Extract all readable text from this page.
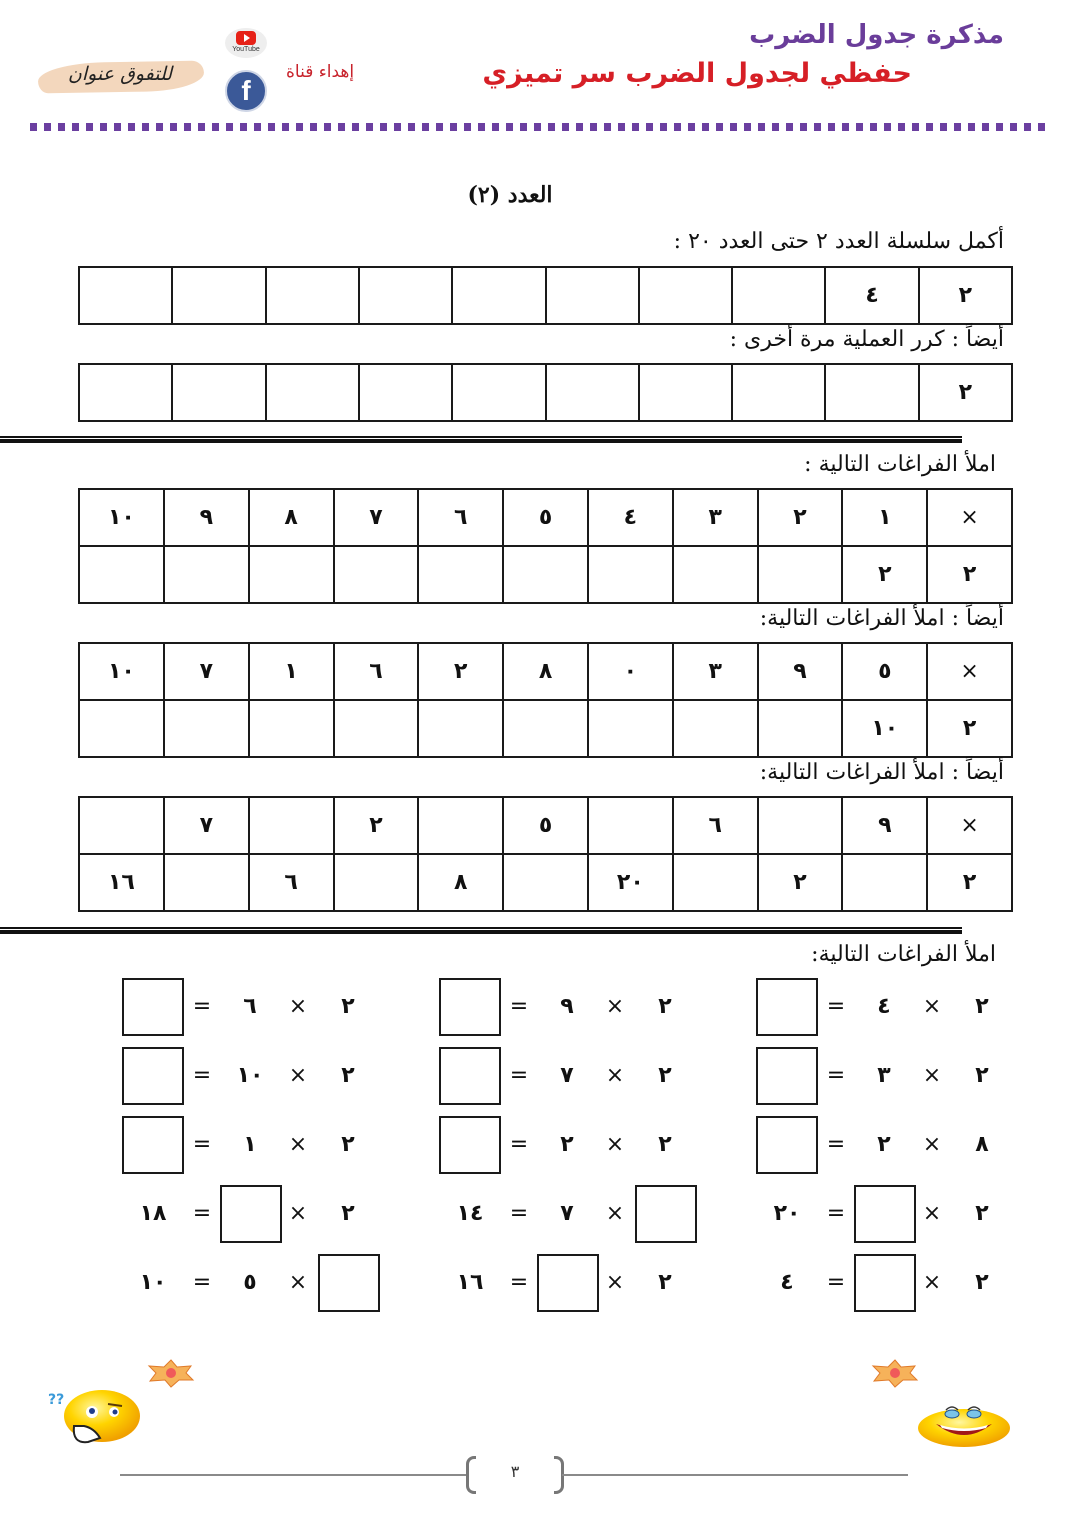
مذكرة جدول الضرب
حفظي لجدول الضرب سر تميزي
إهداء قناة
YouTube
f
للتفوق عنوان
العدد (٢)
أكمل سلسلة العدد ٢ حتى العدد ٢٠ :
٢	٤								
أيضاً : كرر العملية مرة أخرى :
٢									
املأ الفراغات التالية :
×	١	٢	٣	٤	٥	٦	٧	٨	٩	١٠
٢	٢									
أيضاً : املأ الفراغات التالية:
×	٥	٩	٣	٠	٨	٢	٦	١	٧	١٠
٢	١٠									
أيضاً : املأ الفراغات التالية:
×	٩		٦		٥		٢		٧	
٢		٢		٢٠		٨		٦		١٦
املأ الفراغات التالية:
=	٤	×	٢
=	٣	×	٢
=	٢	×	٨
٢٠	=	×	٢
٤	=	×	٢
=	٩	×	٢
=	٧	×	٢
=	٢	×	٢
١٤	=	٧	×
١٦	=	×	٢
=	٦	×	٢
=	١٠	×	٢
=	١	×	٢
١٨	=	×	٢
١٠	=	٥	×
??
٣
